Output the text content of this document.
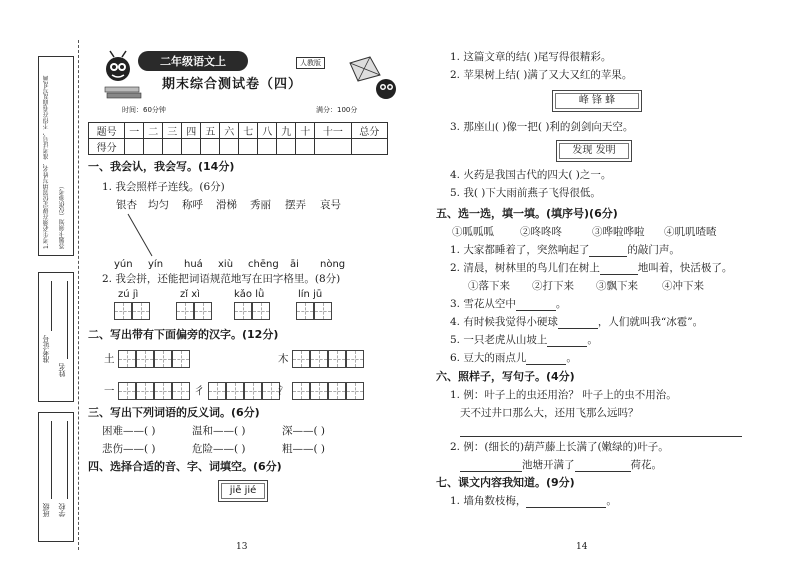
1.考生必须在规定位置填写姓名、准考证号，不得在卷面乱写乱画 答题卡须知（仅供参考）
准考证号
姓名
班级 学校
二年级语文上	人教版
期末综合测试卷（四）
时间：60分钟	满分：100分
题号	一	二	三	四	五	六	七	八	九	十	十一	总分
得分												
一、我会认，我会写。(14分)
1. 我会照样子连线。(6分)
银杏 均匀 称呼 滑梯 秀丽 摆弄 哀号
yún yín huá xiù chēng āi nòng
2. 我会拼，还能把词语规范地写在田字格里。(8分)
zú jì	zǐ xì	kǎo lǜ	lín jū
二、写出带有下面偏旁的汉字。(12分)
土	木
一	彳	氵
三、写出下列词语的反义词。(6分)
困难——( )	温和——( )	深——( )
悲伤——( )	危险——( )	粗——( )
四、选择合适的音、字、词填空。(6分)
jiē jié
13
1. 这篇文章的结( )尾写得很精彩。
2. 苹果树上结( )满了又大又红的苹果。
峰 锋 蜂
3. 那座山( )像一把( )利的剑剑向天空。
发现 发明
4. 火药是我国古代的四大( )之一。
5. 我( )下大雨前燕子飞得很低。
五、选一选，填一填。(填序号)(6分)
①呱呱呱 ②咚咚咚	③哗啦哗啦 ④叽叽喳喳
1. 大家都睡着了，突然响起了	的敲门声。
2. 清晨，树林里的鸟儿们在树上	地叫着，快活极了。
①落下来 ②打下来 ③飘下来 ④冲下来
3. 雪花从空中	。
4. 有时候我觉得小硬球	，人们就叫我“冰雹”。
5. 一只老虎从山坡上	。
6. 豆大的雨点儿	。
六、照样子，写句子。(4分)
1. 例：叶子上的虫还用治？ 叶子上的虫不用治。
天不过井口那么大，还用飞那么远吗？
2. 例：(细长的)葫芦藤上长满了(嫩绿的)叶子。
池塘开满了	荷花。
七、课文内容我知道。(9分)
1. 墙角数枝梅，	。
14
